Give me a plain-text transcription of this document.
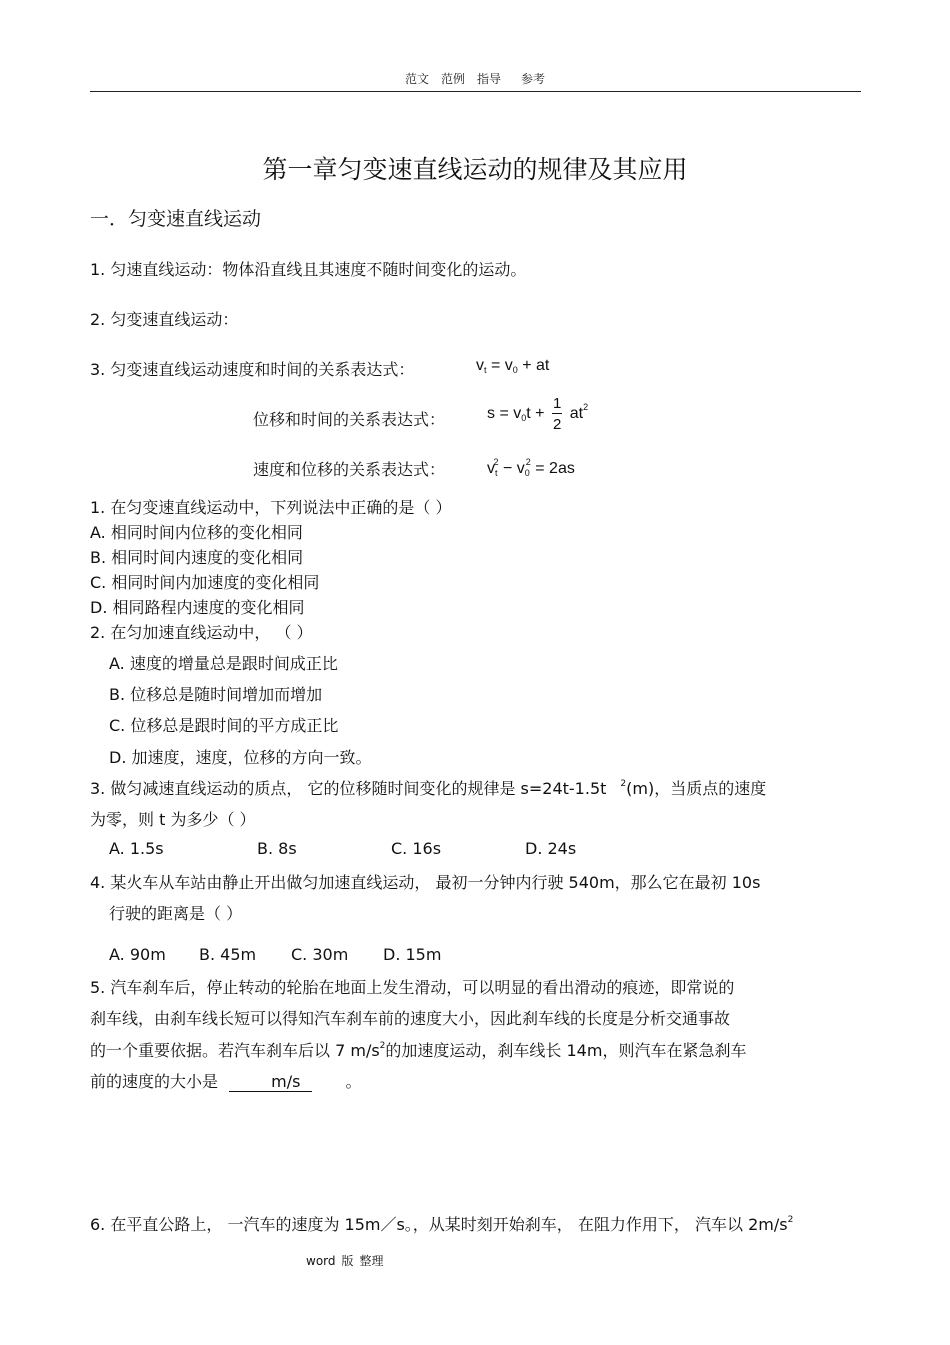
范文 范例 指导 参考
第一章匀变速直线运动的规律及其应用
一．匀变速直线运动
1. 匀速直线运动：物体沿直线且其速度不随时间变化的运动。
2. 匀变速直线运动：
3. 匀变速直线运动速度和时间的关系表达式：	$v_t = v_0$ + at
位移和时间的关系表达式：	$s = v_0t + \frac{1}{2} at^2$
速度和位移的关系表达式：	$v_t^2 - v_0^2 = 2as$
1. 在匀变速直线运动中，下列说法中正确的是（ ）
A. 相同时间内位移的变化相同
B. 相同时间内速度的变化相同
C. 相同时间内加速度的变化相同
D. 相同路程内速度的变化相同
2. 在匀加速直线运动中， （ ）
A. 速度的增量总是跟时间成正比
B. 位移总是随时间增加而增加
C. 位移总是跟时间的平方成正比
D. 加速度，速度，位移的方向一致。
3. 做匀减速直线运动的质点， 它的位移随时间变化的规律是 s=24t-1.5t $^2$(m)，当质点的速度
为零，则 t 为多少（ ）
A. 1.5s	B. 8s	C. 16s	D. 24s
4. 某火车从车站由静止开出做匀加速直线运动， 最初一分钟内行驶 540m，那么它在最初 10s
行驶的距离是（ ）
A. 90m B. 45m C. 30m D. 15m
5. 汽车刹车后，停止转动的轮胎在地面上发生滑动，可以明显的看出滑动的痕迹，即常说的
刹车线，由刹车线长短可以得知汽车刹车前的速度大小，因此刹车线的长度是分析交通事故
的一个重要依据。若汽车刹车后以 7 $m/s^2$的加速度运动，刹车线长 14m，则汽车在紧急刹车
前的速度的大小是	m/s	。
6. 在平直公路上， 一汽车的速度为 15m／s。，从某时刻开始刹车， 在阻力作用下， 汽车以 $2m/s^2$
word 版 整理
